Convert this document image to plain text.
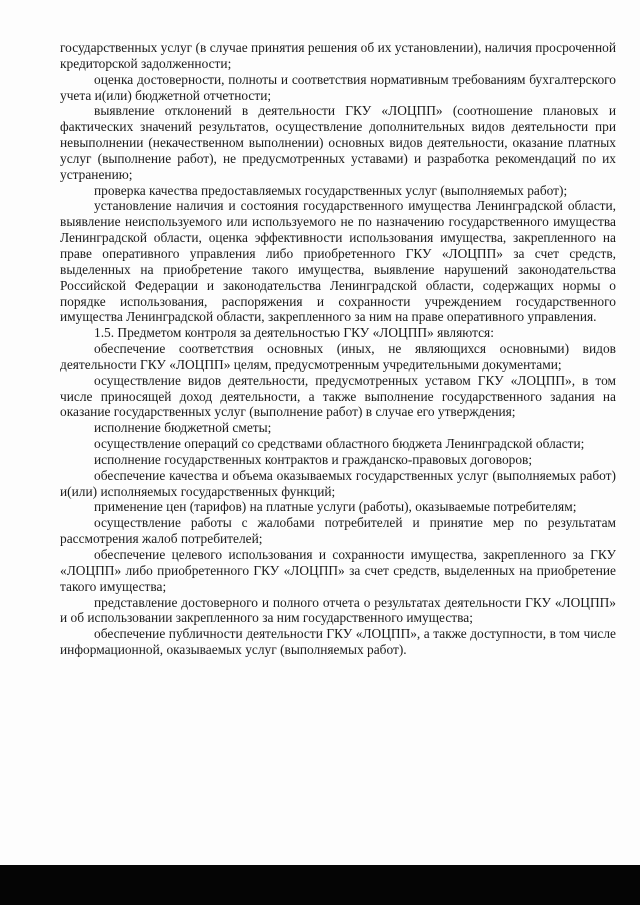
государственных услуг (в случае принятия решения об их установлении), наличия просроченной кредиторской задолженности;

оценка достоверности, полноты и соответствия нормативным требованиям бухгалтерского учета и(или) бюджетной отчетности;

выявление отклонений в деятельности ГКУ «ЛОЦПП» (соотношение плановых и фактических значений результатов, осуществление дополнительных видов деятельности при невыполнении (некачественном выполнении) основных видов деятельности, оказание платных услуг (выполнение работ), не предусмотренных уставами) и разработка рекомендаций по их устранению;

проверка качества предоставляемых государственных услуг (выполняемых работ);

установление наличия и состояния государственного имущества Ленинградской области, выявление неиспользуемого или используемого не по назначению государственного имущества Ленинградской области, оценка эффективности использования имущества, закрепленного на праве оперативного управления либо приобретенного ГКУ «ЛОЦПП» за счет средств, выделенных на приобретение такого имущества, выявление нарушений законодательства Российской Федерации и законодательства Ленинградской области, содержащих нормы о порядке использования, распоряжения и сохранности учреждением государственного имущества Ленинградской области, закрепленного за ним на праве оперативного управления.

1.5. Предметом контроля за деятельностью ГКУ «ЛОЦПП» являются:

обеспечение соответствия основных (иных, не являющихся основными) видов деятельности ГКУ «ЛОЦПП» целям, предусмотренным учредительными документами;

осуществление видов деятельности, предусмотренных уставом ГКУ «ЛОЦПП», в том числе приносящей доход деятельности, а также выполнение государственного задания на оказание государственных услуг (выполнение работ) в случае его утверждения;

исполнение бюджетной сметы;

осуществление операций со средствами областного бюджета Ленинградской области;

исполнение государственных контрактов и гражданско-правовых договоров;

обеспечение качества и объема оказываемых государственных услуг (выполняемых работ) и(или) исполняемых государственных функций;

применение цен (тарифов) на платные услуги (работы), оказываемые потребителям;

осуществление работы с жалобами потребителей и принятие мер по результатам рассмотрения жалоб потребителей;

обеспечение целевого использования и сохранности имущества, закрепленного за ГКУ «ЛОЦПП» либо приобретенного ГКУ «ЛОЦПП» за счет средств, выделенных на приобретение такого имущества;

представление достоверного и полного отчета о результатах деятельности ГКУ «ЛОЦПП» и об использовании закрепленного за ним государственного имущества;

обеспечение публичности деятельности ГКУ «ЛОЦПП», а также доступности, в том числе информационной, оказываемых услуг (выполняемых работ).
